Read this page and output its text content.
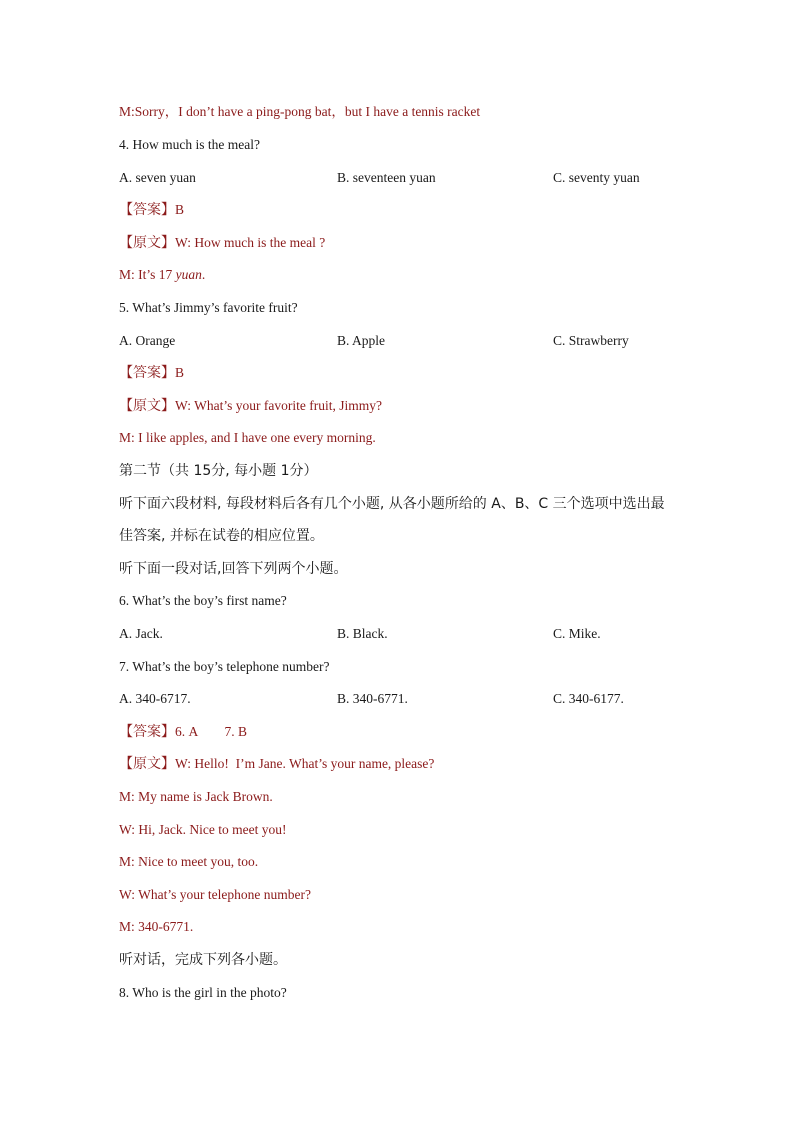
M:Sorry，I don’t have a ping-pong bat，but I have a tennis racket
4. How much is the meal?
A. seven yuan	B. seventeen yuan	C. seventy yuan
【答案】B
【原文】W: How much is the meal ?
M: It’s 17 yuan.
5. What’s Jimmy’s favorite fruit?
A. Orange	B. Apple	C. Strawberry
【答案】B
【原文】W: What’s your favorite fruit, Jimmy?
M: I like apples, and I have one every morning.
第二节（共 15分, 每小题 1分）
听下面六段材料, 每段材料后各有几个小题, 从各小题所给的 A、B、C 三个选项中选出最
佳答案, 并标在试卷的相应位置。
听下面一段对话,回答下列两个小题。
6. What’s the boy’s first name?
A. Jack.	B. Black.	C. Mike.
7. What’s the boy’s telephone number?
A. 340-6717.	B. 340-6771.	C. 340-6177.
【答案】6. A　　7. B
【原文】W: Hello!  I’m Jane. What’s your name, please?
M: My name is Jack Brown.
W: Hi, Jack. Nice to meet you!
M: Nice to meet you, too.
W: What’s your telephone number?
M: 340-6771.
听对话，完成下列各小题。
8. Who is the girl in the photo?
